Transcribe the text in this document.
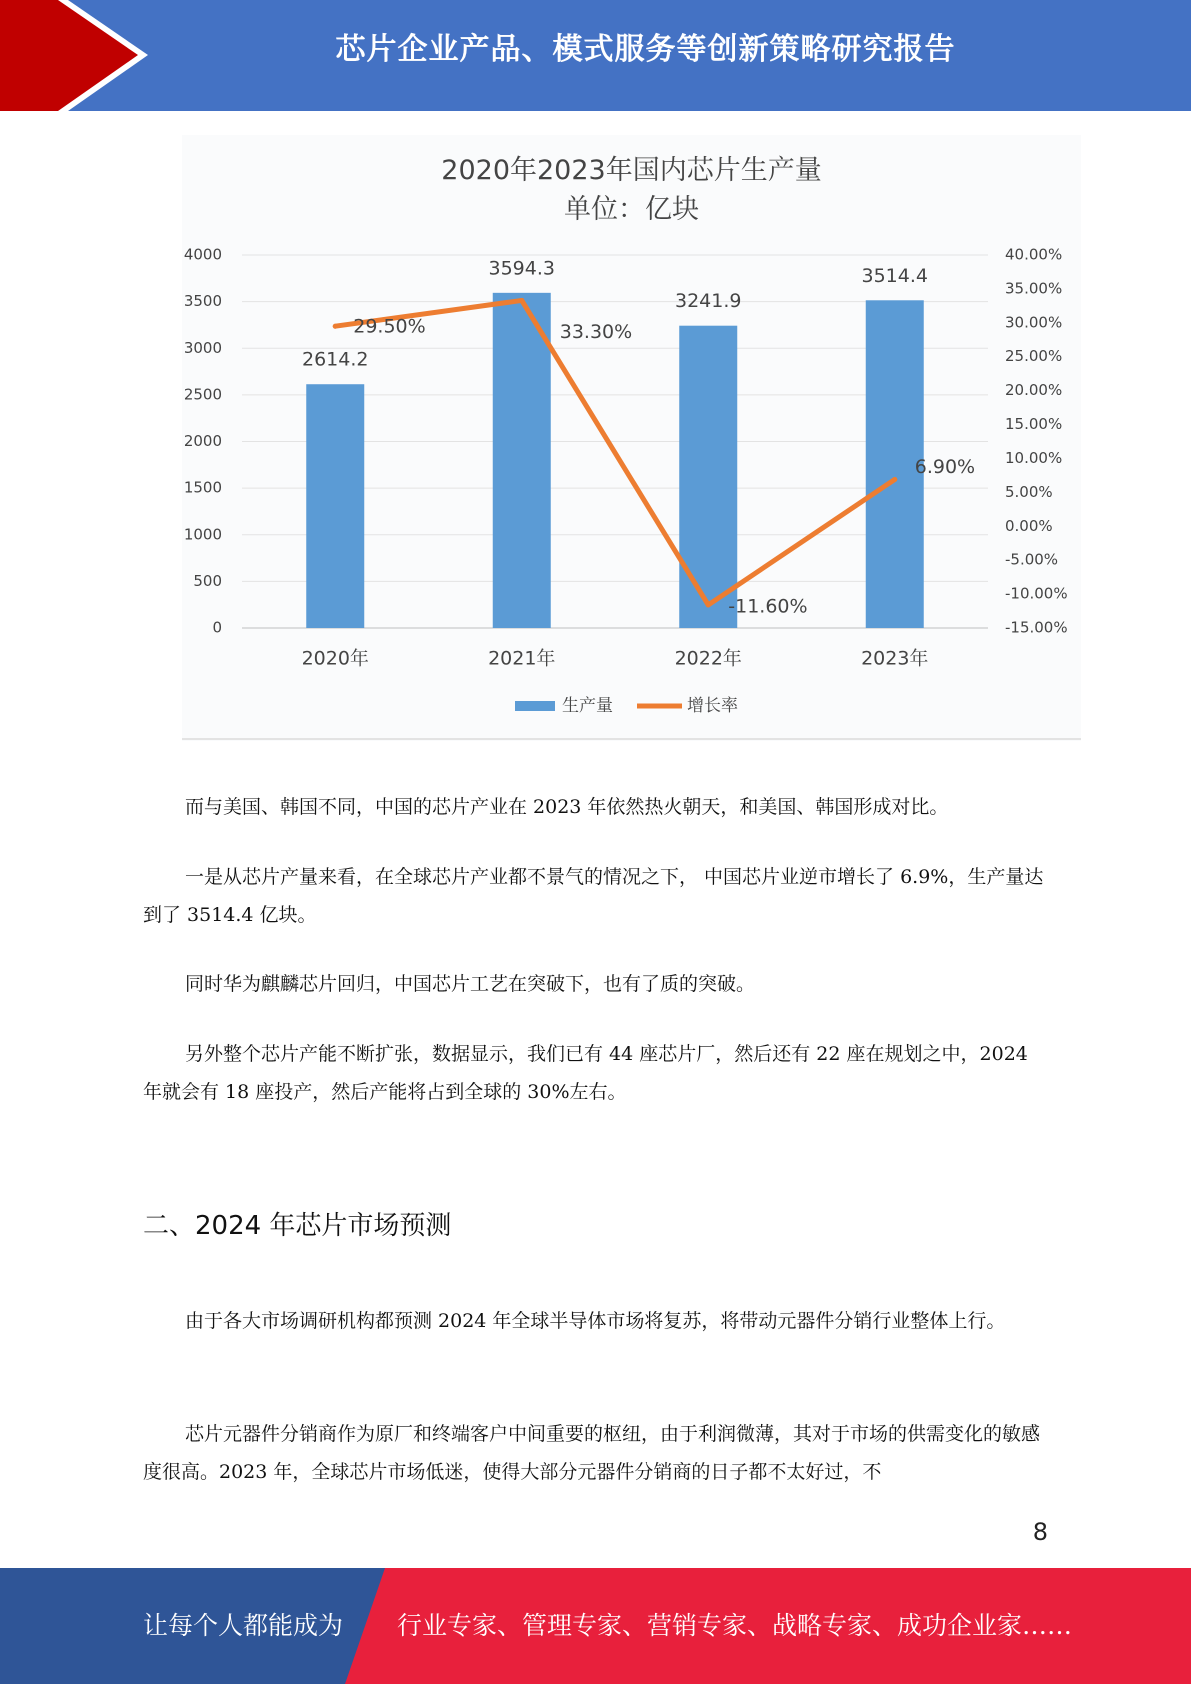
芯片企业产品、模式服务等创新策略研究报告
0
500
1000
1500
2000
2500
3000
3500
4000
-15.00%
-10.00%
-5.00%
0.00%
5.00%
10.00%
15.00%
20.00%
25.00%
30.00%
35.00%
40.00%
2614.2
3594.3
3241.9
3514.4
29.50%	33.30%
-11.60%
6.90%
2020年	2021年	2022年	2023年
生产量	增长率
2020年2023年国内芯片生产量
单位：亿块

而与美国、韩国不同，中国的芯片产业在 2023 年依然热火朝天，和美国、韩国形成对比。

一是从芯片产量来看，在全球芯片产业都不景气的情况之下， 中国芯片业逆市增长了 6.9%，生产量达到了 3514.4 亿块。

同时华为麒麟芯片回归，中国芯片工艺在突破下，也有了质的突破。

另外整个芯片产能不断扩张，数据显示，我们已有 44 座芯片厂，然后还有 22 座在规划之中，2024 年就会有 18 座投产，然后产能将占到全球的 30%左右。

二、2024 年芯片市场预测

由于各大市场调研机构都预测 2024 年全球半导体市场将复苏，将带动元器件分销行业整体上行。

芯片元器件分销商作为原厂和终端客户中间重要的枢纽，由于利润微薄，其对于市场的供需变化的敏感度很高。2023 年，全球芯片市场低迷，使得大部分元器件分销商的日子都不太好过，不

8
让每个人都能成为 行业专家、管理专家、营销专家、战略专家、成功企业家……
